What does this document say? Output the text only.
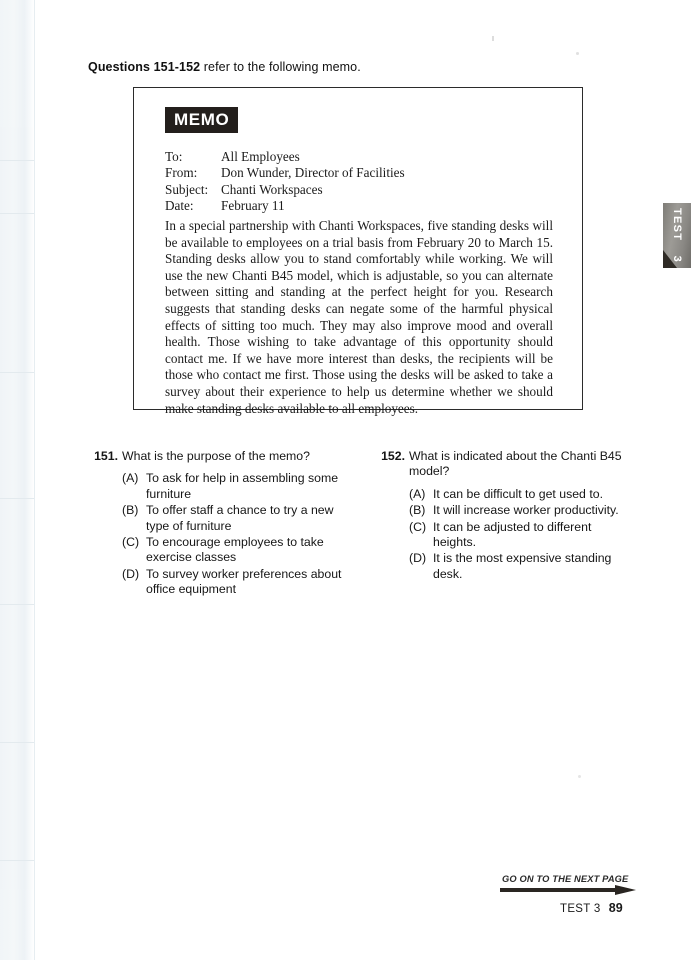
Questions 151-152 refer to the following memo.
MEMO
To:	All Employees
From:	Don Wunder, Director of Facilities
Subject:	Chanti Workspaces
Date:	February 11
In a special partnership with Chanti Workspaces, five standing desks will be available to employees on a trial basis from February 20 to March 15. Standing desks allow you to stand comfortably while working. We will use the new Chanti B45 model, which is adjustable, so you can alternate between sitting and standing at the perfect height for you. Research suggests that standing desks can negate some of the harmful physical effects of sitting too much. They may also improve mood and overall health. Those wishing to take advantage of this opportunity should contact me. If we have more interest than desks, the recipients will be those who contact me first. Those using the desks will be asked to take a survey about their experience to help us determine whether we should make standing desks available to all employees.
151. What is the purpose of the memo?
(A) To ask for help in assembling some furniture
(B) To offer staff a chance to try a new type of furniture
(C) To encourage employees to take exercise classes
(D) To survey worker preferences about office equipment
152. What is indicated about the Chanti B45 model?
(A) It can be difficult to get used to.
(B) It will increase worker productivity.
(C) It can be adjusted to different heights.
(D) It is the most expensive standing desk.
TEST
3
GO ON TO THE NEXT PAGE
TEST 3 89
